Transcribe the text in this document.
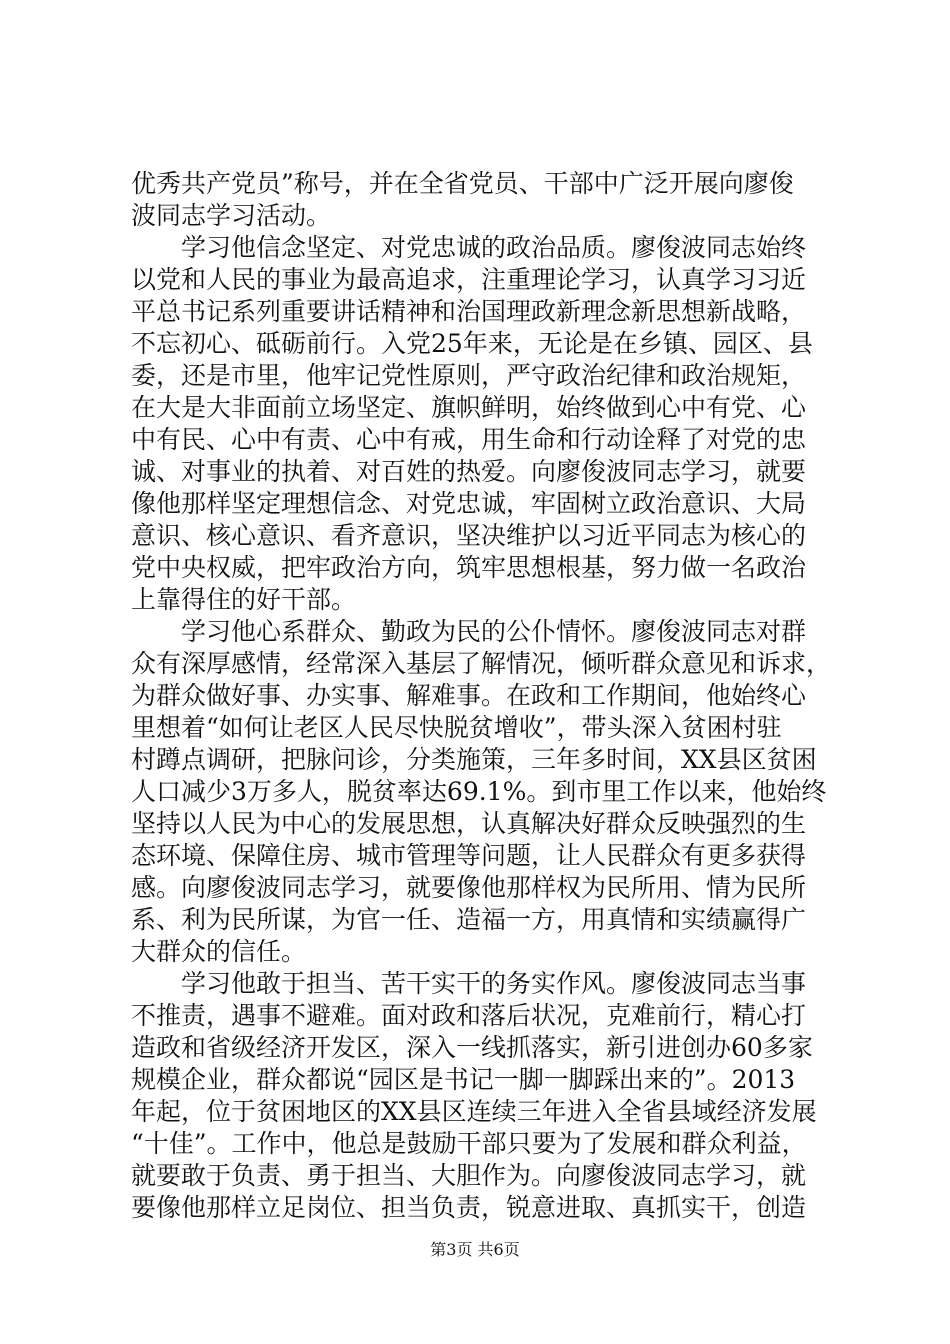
优秀共产党员”称号，并在全省党员、干部中广泛开展向廖俊
波同志学习活动。
　　学习他信念坚定、对党忠诚的政治品质。廖俊波同志始终
以党和人民的事业为最高追求，注重理论学习，认真学习习近
平总书记系列重要讲话精神和治国理政新理念新思想新战略，
不忘初心、砥砺前行。入党25年来，无论是在乡镇、园区、县
委，还是市里，他牢记党性原则，严守政治纪律和政治规矩，
在大是大非面前立场坚定、旗帜鲜明，始终做到心中有党、心
中有民、心中有责、心中有戒，用生命和行动诠释了对党的忠
诚、对事业的执着、对百姓的热爱。向廖俊波同志学习，就要
像他那样坚定理想信念、对党忠诚，牢固树立政治意识、大局
意识、核心意识、看齐意识，坚决维护以习近平同志为核心的
党中央权威，把牢政治方向，筑牢思想根基，努力做一名政治
上靠得住的好干部。
　　学习他心系群众、勤政为民的公仆情怀。廖俊波同志对群
众有深厚感情，经常深入基层了解情况，倾听群众意见和诉求，
为群众做好事、办实事、解难事。在政和工作期间，他始终心
里想着“如何让老区人民尽快脱贫增收”，带头深入贫困村驻
村蹲点调研，把脉问诊，分类施策，三年多时间，XX县区贫困
人口减少3万多人，脱贫率达69.1%。到市里工作以来，他始终
坚持以人民为中心的发展思想，认真解决好群众反映强烈的生
态环境、保障住房、城市管理等问题，让人民群众有更多获得
感。向廖俊波同志学习，就要像他那样权为民所用、情为民所
系、利为民所谋，为官一任、造福一方，用真情和实绩赢得广
大群众的信任。
　　学习他敢于担当、苦干实干的务实作风。廖俊波同志当事
不推责，遇事不避难。面对政和落后状况，克难前行，精心打
造政和省级经济开发区，深入一线抓落实，新引进创办60多家
规模企业，群众都说“园区是书记一脚一脚踩出来的”。2013
年起，位于贫困地区的XX县区连续三年进入全省县域经济发展
“十佳”。工作中，他总是鼓励干部只要为了发展和群众利益，
就要敢于负责、勇于担当、大胆作为。向廖俊波同志学习，就
要像他那样立足岗位、担当负责，锐意进取、真抓实干，创造
第3页 共6页
